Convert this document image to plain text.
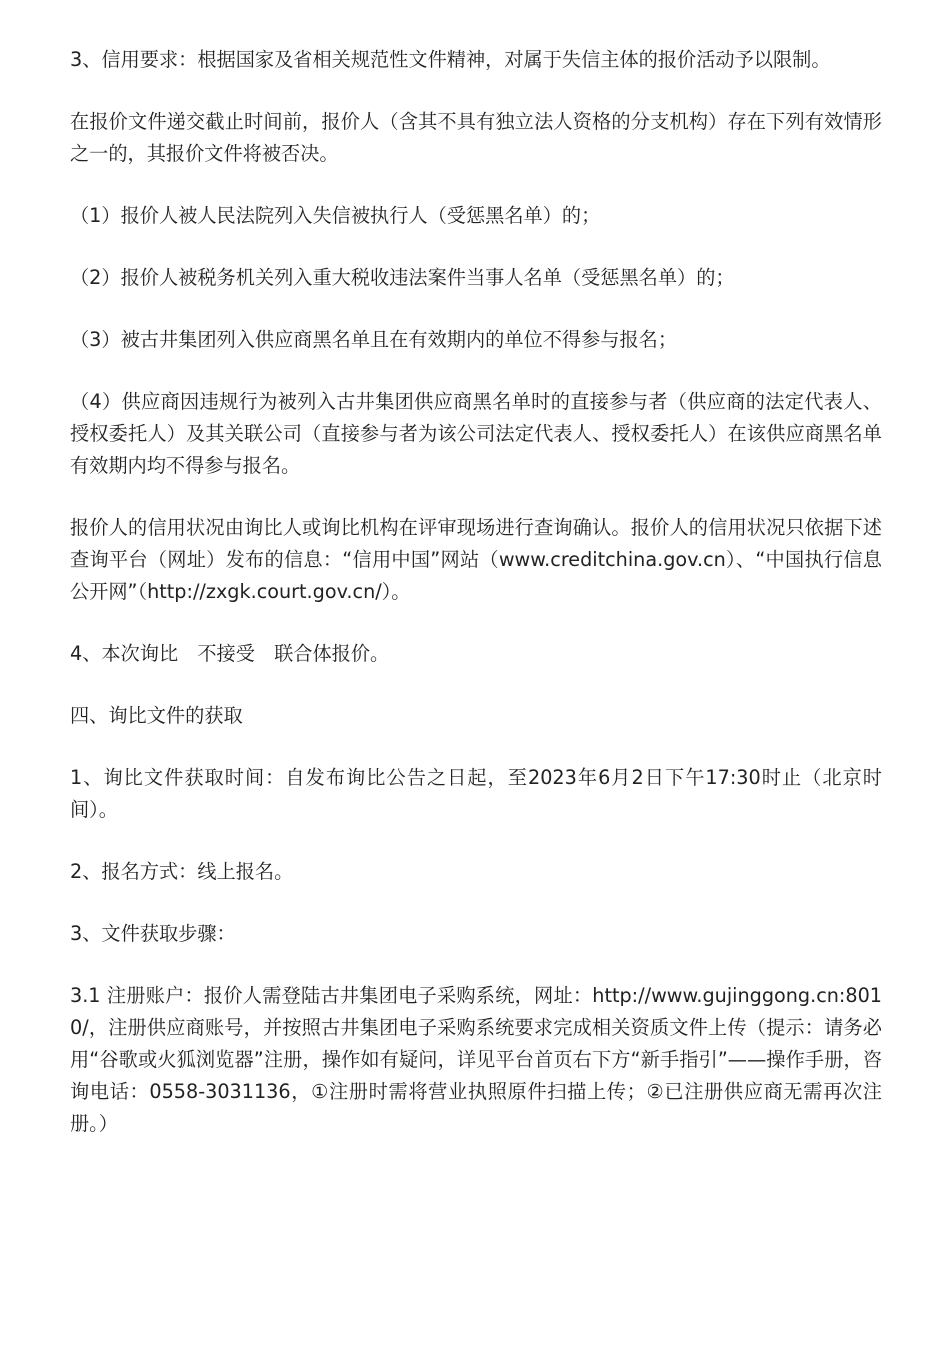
3、信用要求：根据国家及省相关规范性文件精神，对属于失信主体的报价活动予以限制。

在报价文件递交截止时间前，报价人（含其不具有独立法人资格的分支机构）存在下列有效情形之一的，其报价文件将被否决。

（1）报价人被人民法院列入失信被执行人（受惩黑名单）的；

（2）报价人被税务机关列入重大税收违法案件当事人名单（受惩黑名单）的；

（3）被古井集团列入供应商黑名单且在有效期内的单位不得参与报名；

（4）供应商因违规行为被列入古井集团供应商黑名单时的直接参与者（供应商的法定代表人、授权委托人）及其关联公司（直接参与者为该公司法定代表人、授权委托人）在该供应商黑名单有效期内均不得参与报名。

报价人的信用状况由询比人或询比机构在评审现场进行查询确认。报价人的信用状况只依据下述查询平台（网址）发布的信息：“信用中国”网站（www.creditchina.gov.cn）、“中国执行信息公开网”（http://zxgk.court.gov.cn/）。

4、本次询比　不接受　联合体报价。

四、询比文件的获取

1、询比文件获取时间：自发布询比公告之日起，至2023年6月2日下午17:30时止（北京时间）。

2、报名方式：线上报名。

3、文件获取步骤：

3.1 注册账户：报价人需登陆古井集团电子采购系统，网址：http://www.gujinggong.cn:8010/，注册供应商账号，并按照古井集团电子采购系统要求完成相关资质文件上传（提示：请务必用“谷歌或火狐浏览器”注册，操作如有疑问，详见平台首页右下方“新手指引”——操作手册，咨询电话：0558-3031136，①注册时需将营业执照原件扫描上传；②已注册供应商无需再次注册。）
